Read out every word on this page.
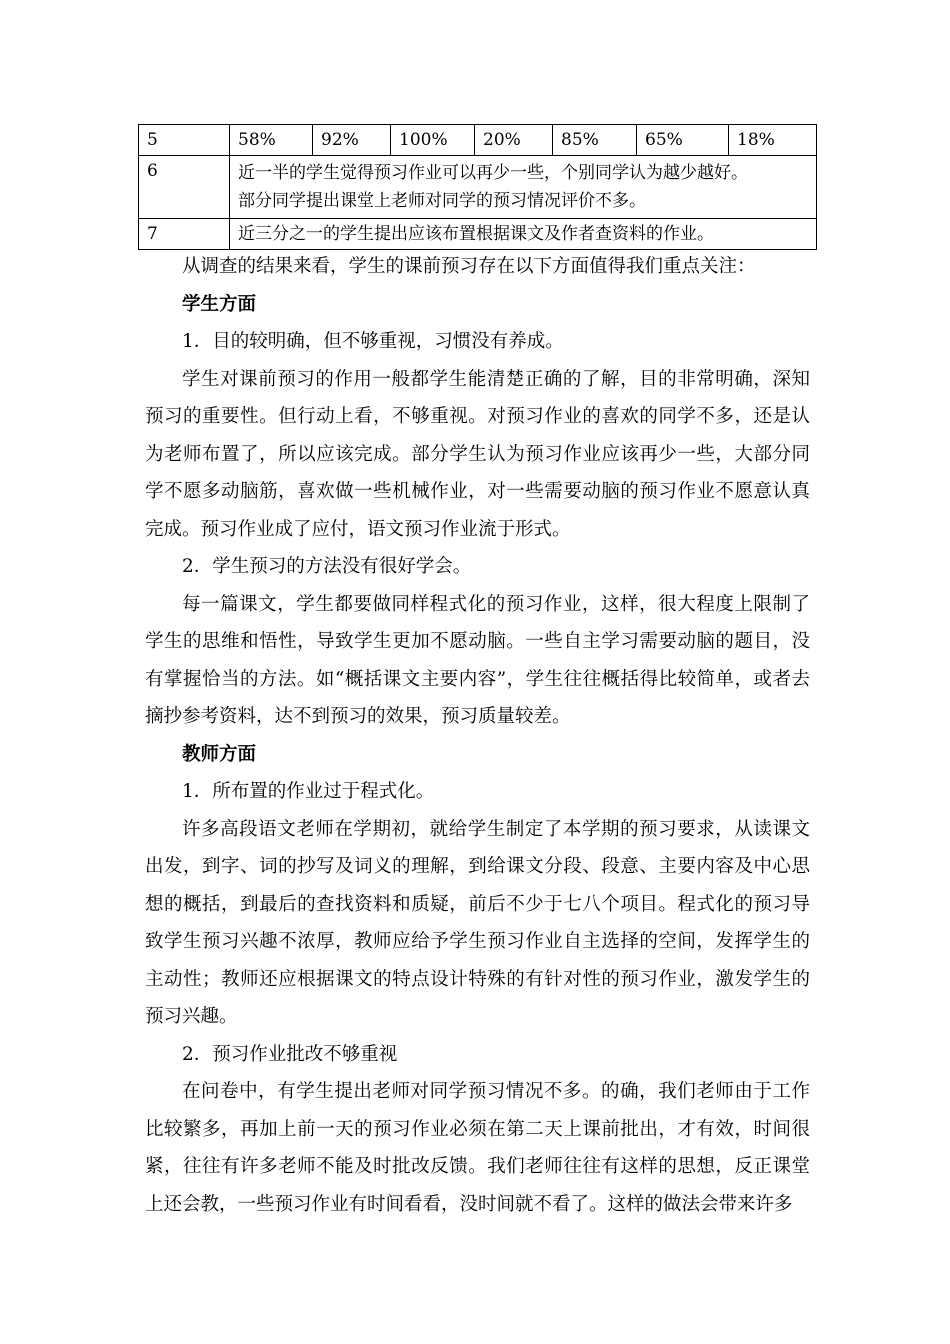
5	58%	92%	100%	20%	85%	65%	18%
6	近一半的学生觉得预习作业可以再少一些，个别同学认为越少越好。
部分同学提出课堂上老师对同学的预习情况评价不多。						

7	近三分之一的学生提出应该布置根据课文及作者查资料的作业。						

从调查的结果来看，学生的课前预习存在以下方面值得我们重点关注：

学生方面

1．目的较明确，但不够重视，习惯没有养成。

学生对课前预习的作用一般都学生能清楚正确的了解，目的非常明确，深知预习的重要性。但行动上看，不够重视。对预习作业的喜欢的同学不多，还是认为老师布置了，所以应该完成。部分学生认为预习作业应该再少一些，大部分同学不愿多动脑筋，喜欢做一些机械作业，对一些需要动脑的预习作业不愿意认真完成。预习作业成了应付，语文预习作业流于形式。

2．学生预习的方法没有很好学会。

每一篇课文，学生都要做同样程式化的预习作业，这样，很大程度上限制了学生的思维和悟性，导致学生更加不愿动脑。一些自主学习需要动脑的题目，没有掌握恰当的方法。如“概括课文主要内容”，学生往往概括得比较简单，或者去摘抄参考资料，达不到预习的效果，预习质量较差。

教师方面

1．所布置的作业过于程式化。

许多高段语文老师在学期初，就给学生制定了本学期的预习要求，从读课文出发，到字、词的抄写及词义的理解，到给课文分段、段意、主要内容及中心思想的概括，到最后的查找资料和质疑，前后不少于七八个项目。程式化的预习导致学生预习兴趣不浓厚，教师应给予学生预习作业自主选择的空间，发挥学生的主动性；教师还应根据课文的特点设计特殊的有针对性的预习作业，激发学生的预习兴趣。

2．预习作业批改不够重视

在问卷中，有学生提出老师对同学预习情况不多。的确，我们老师由于工作比较繁多，再加上前一天的预习作业必须在第二天上课前批出，才有效，时间很紧，往往有许多老师不能及时批改反馈。我们老师往往有这样的思想，反正课堂上还会教，一些预习作业有时间看看，没时间就不看了。这样的做法会带来许多
